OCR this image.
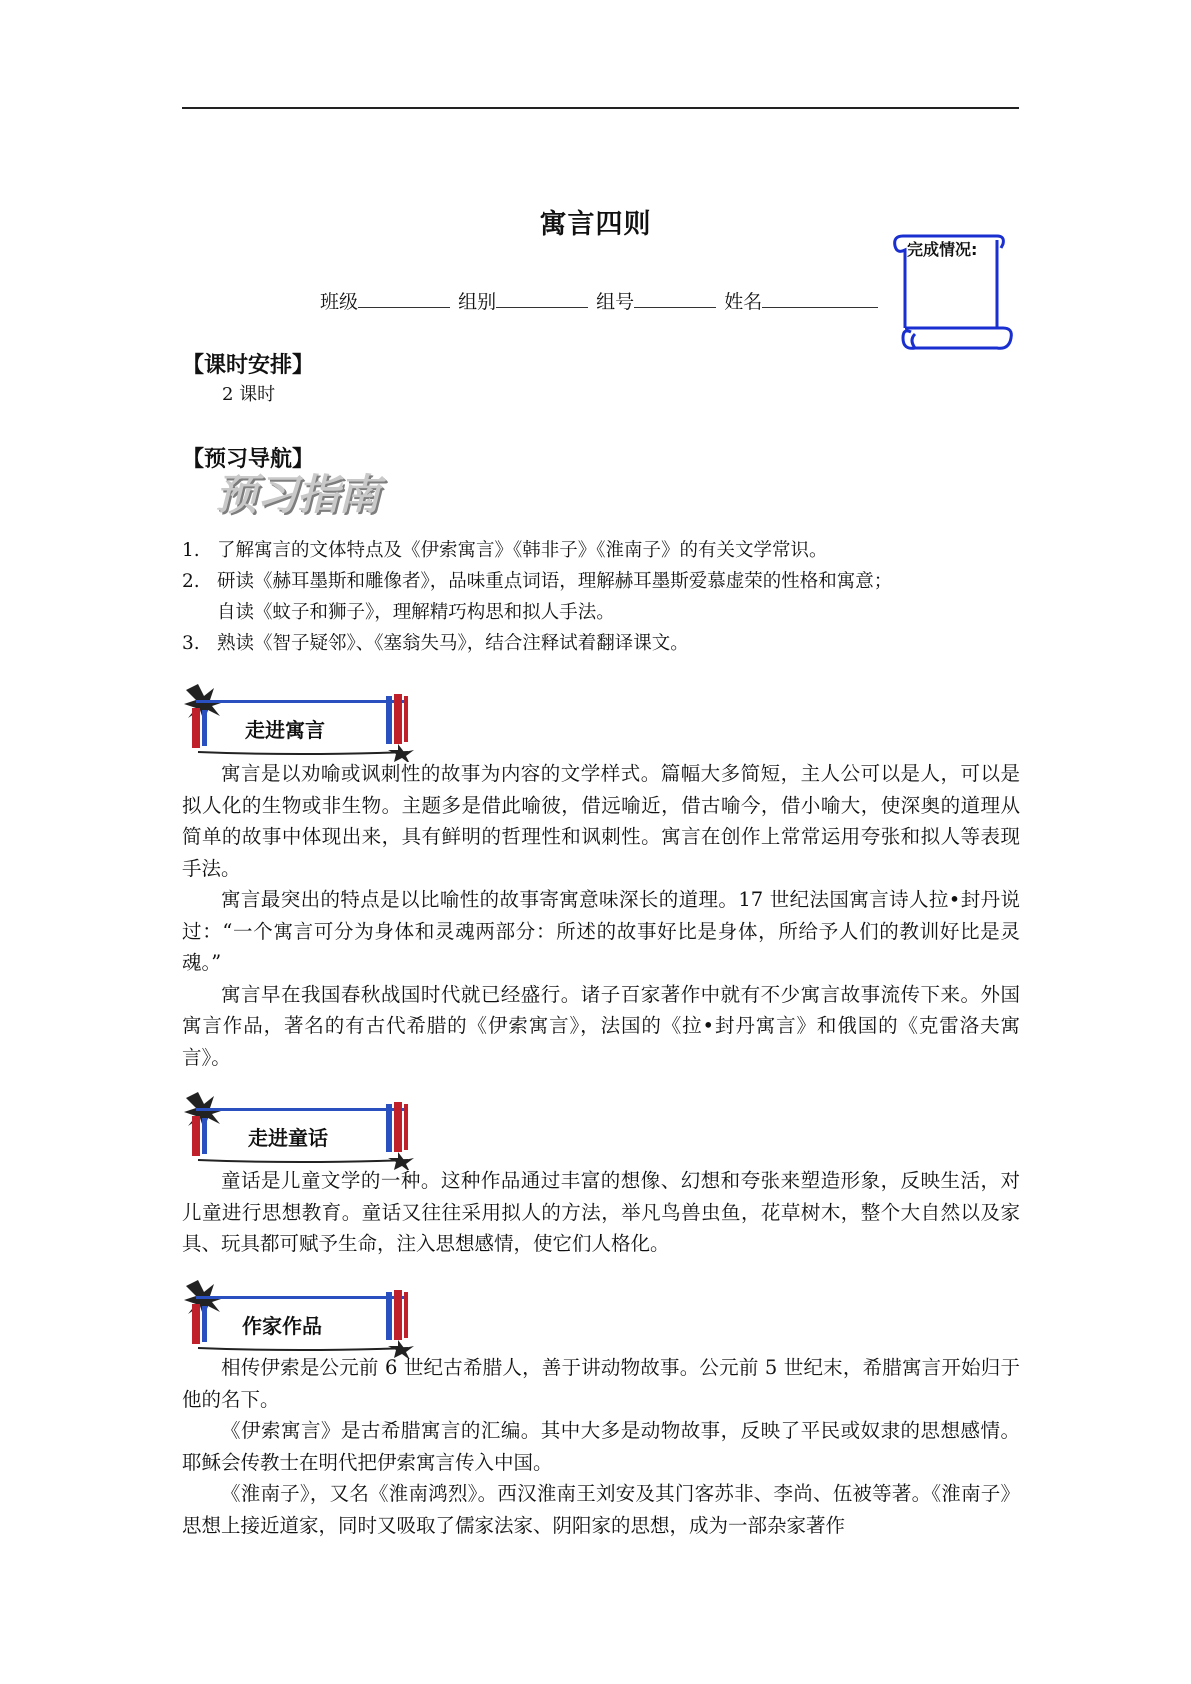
寓言四则
完成情况:
班级	组别	组号	姓名
【课时安排】
2 课时
【预习导航】
预习指南
1. 了解寓言的文体特点及《伊索寓言》《韩非子》《淮南子》的有关文学常识。
2. 研读《赫耳墨斯和雕像者》，品味重点词语，理解赫耳墨斯爱慕虚荣的性格和寓意；
自读《蚊子和狮子》，理解精巧构思和拟人手法。
3. 熟读《智子疑邻》、《塞翁失马》，结合注释试着翻译课文。
走进寓言

寓言是以劝喻或讽刺性的故事为内容的文学样式。篇幅大多简短，主人公可以是人，可以是拟人化的生物或非生物。主题多是借此喻彼，借远喻近，借古喻今，借小喻大，使深奥的道理从简单的故事中体现出来，具有鲜明的哲理性和讽刺性。寓言在创作上常常运用夸张和拟人等表现手法。

寓言最突出的特点是以比喻性的故事寄寓意味深长的道理。17 世纪法国寓言诗人拉•封丹说过：“一个寓言可分为身体和灵魂两部分：所述的故事好比是身体，所给予人们的教训好比是灵魂。”

寓言早在我国春秋战国时代就已经盛行。诸子百家著作中就有不少寓言故事流传下来。外国寓言作品，著名的有古代希腊的《伊索寓言》，法国的《拉•封丹寓言》和俄国的《克雷洛夫寓言》。

走进童话

童话是儿童文学的一种。这种作品通过丰富的想像、幻想和夸张来塑造形象，反映生活，对儿童进行思想教育。童话又往往采用拟人的方法，举凡鸟兽虫鱼，花草树木，整个大自然以及家具、玩具都可赋予生命，注入思想感情，使它们人格化。

作家作品

相传伊索是公元前 6 世纪古希腊人，善于讲动物故事。公元前 5 世纪末，希腊寓言开始归于他的名下。

《伊索寓言》是古希腊寓言的汇编。其中大多是动物故事，反映了平民或奴隶的思想感情。耶稣会传教士在明代把伊索寓言传入中国。

《淮南子》，又名《淮南鸿烈》。西汉淮南王刘安及其门客苏非、李尚、伍被等著。《淮南子》思想上接近道家，同时又吸取了儒家法家、阴阳家的思想，成为一部杂家著作
